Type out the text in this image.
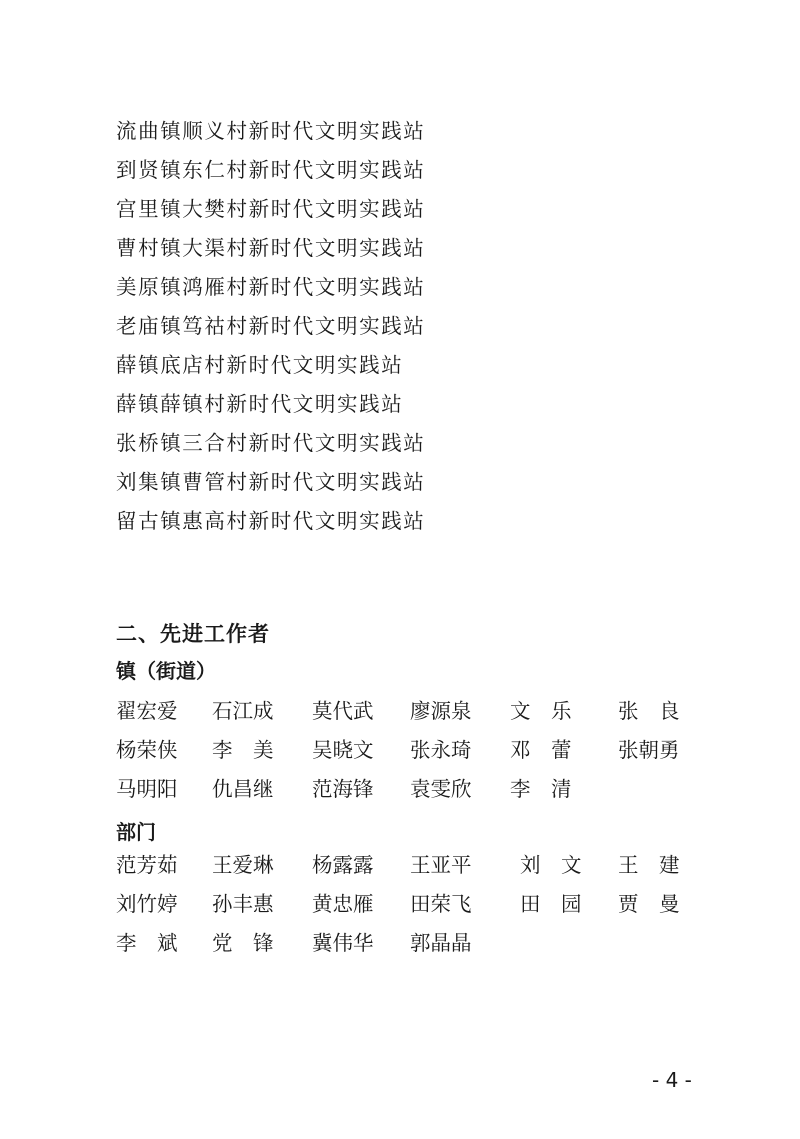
流曲镇顺义村新时代文明实践站
到贤镇东仁村新时代文明实践站
宫里镇大樊村新时代文明实践站
曹村镇大渠村新时代文明实践站
美原镇鸿雁村新时代文明实践站
老庙镇笃祜村新时代文明实践站
薛镇底店村新时代文明实践站
薛镇薛镇村新时代文明实践站
张桥镇三合村新时代文明实践站
刘集镇曹管村新时代文明实践站
留古镇惠高村新时代文明实践站
二、先进工作者
镇（街道）
翟宏爱 石江成 莫代武 廖源泉 文　乐 张　良
杨荣侠 李　美 吴晓文 张永琦 邓　蕾 张朝勇
马明阳 仇昌继 范海锋 袁雯欣 李　清
部门
范芳茹 王爱琳 杨露露 王亚平 刘　文 王　建
刘竹婷 孙丰惠 黄忠雁 田荣飞 田　园 贾　曼
李　斌 党　锋 冀伟华 郭晶晶
- 4 -
